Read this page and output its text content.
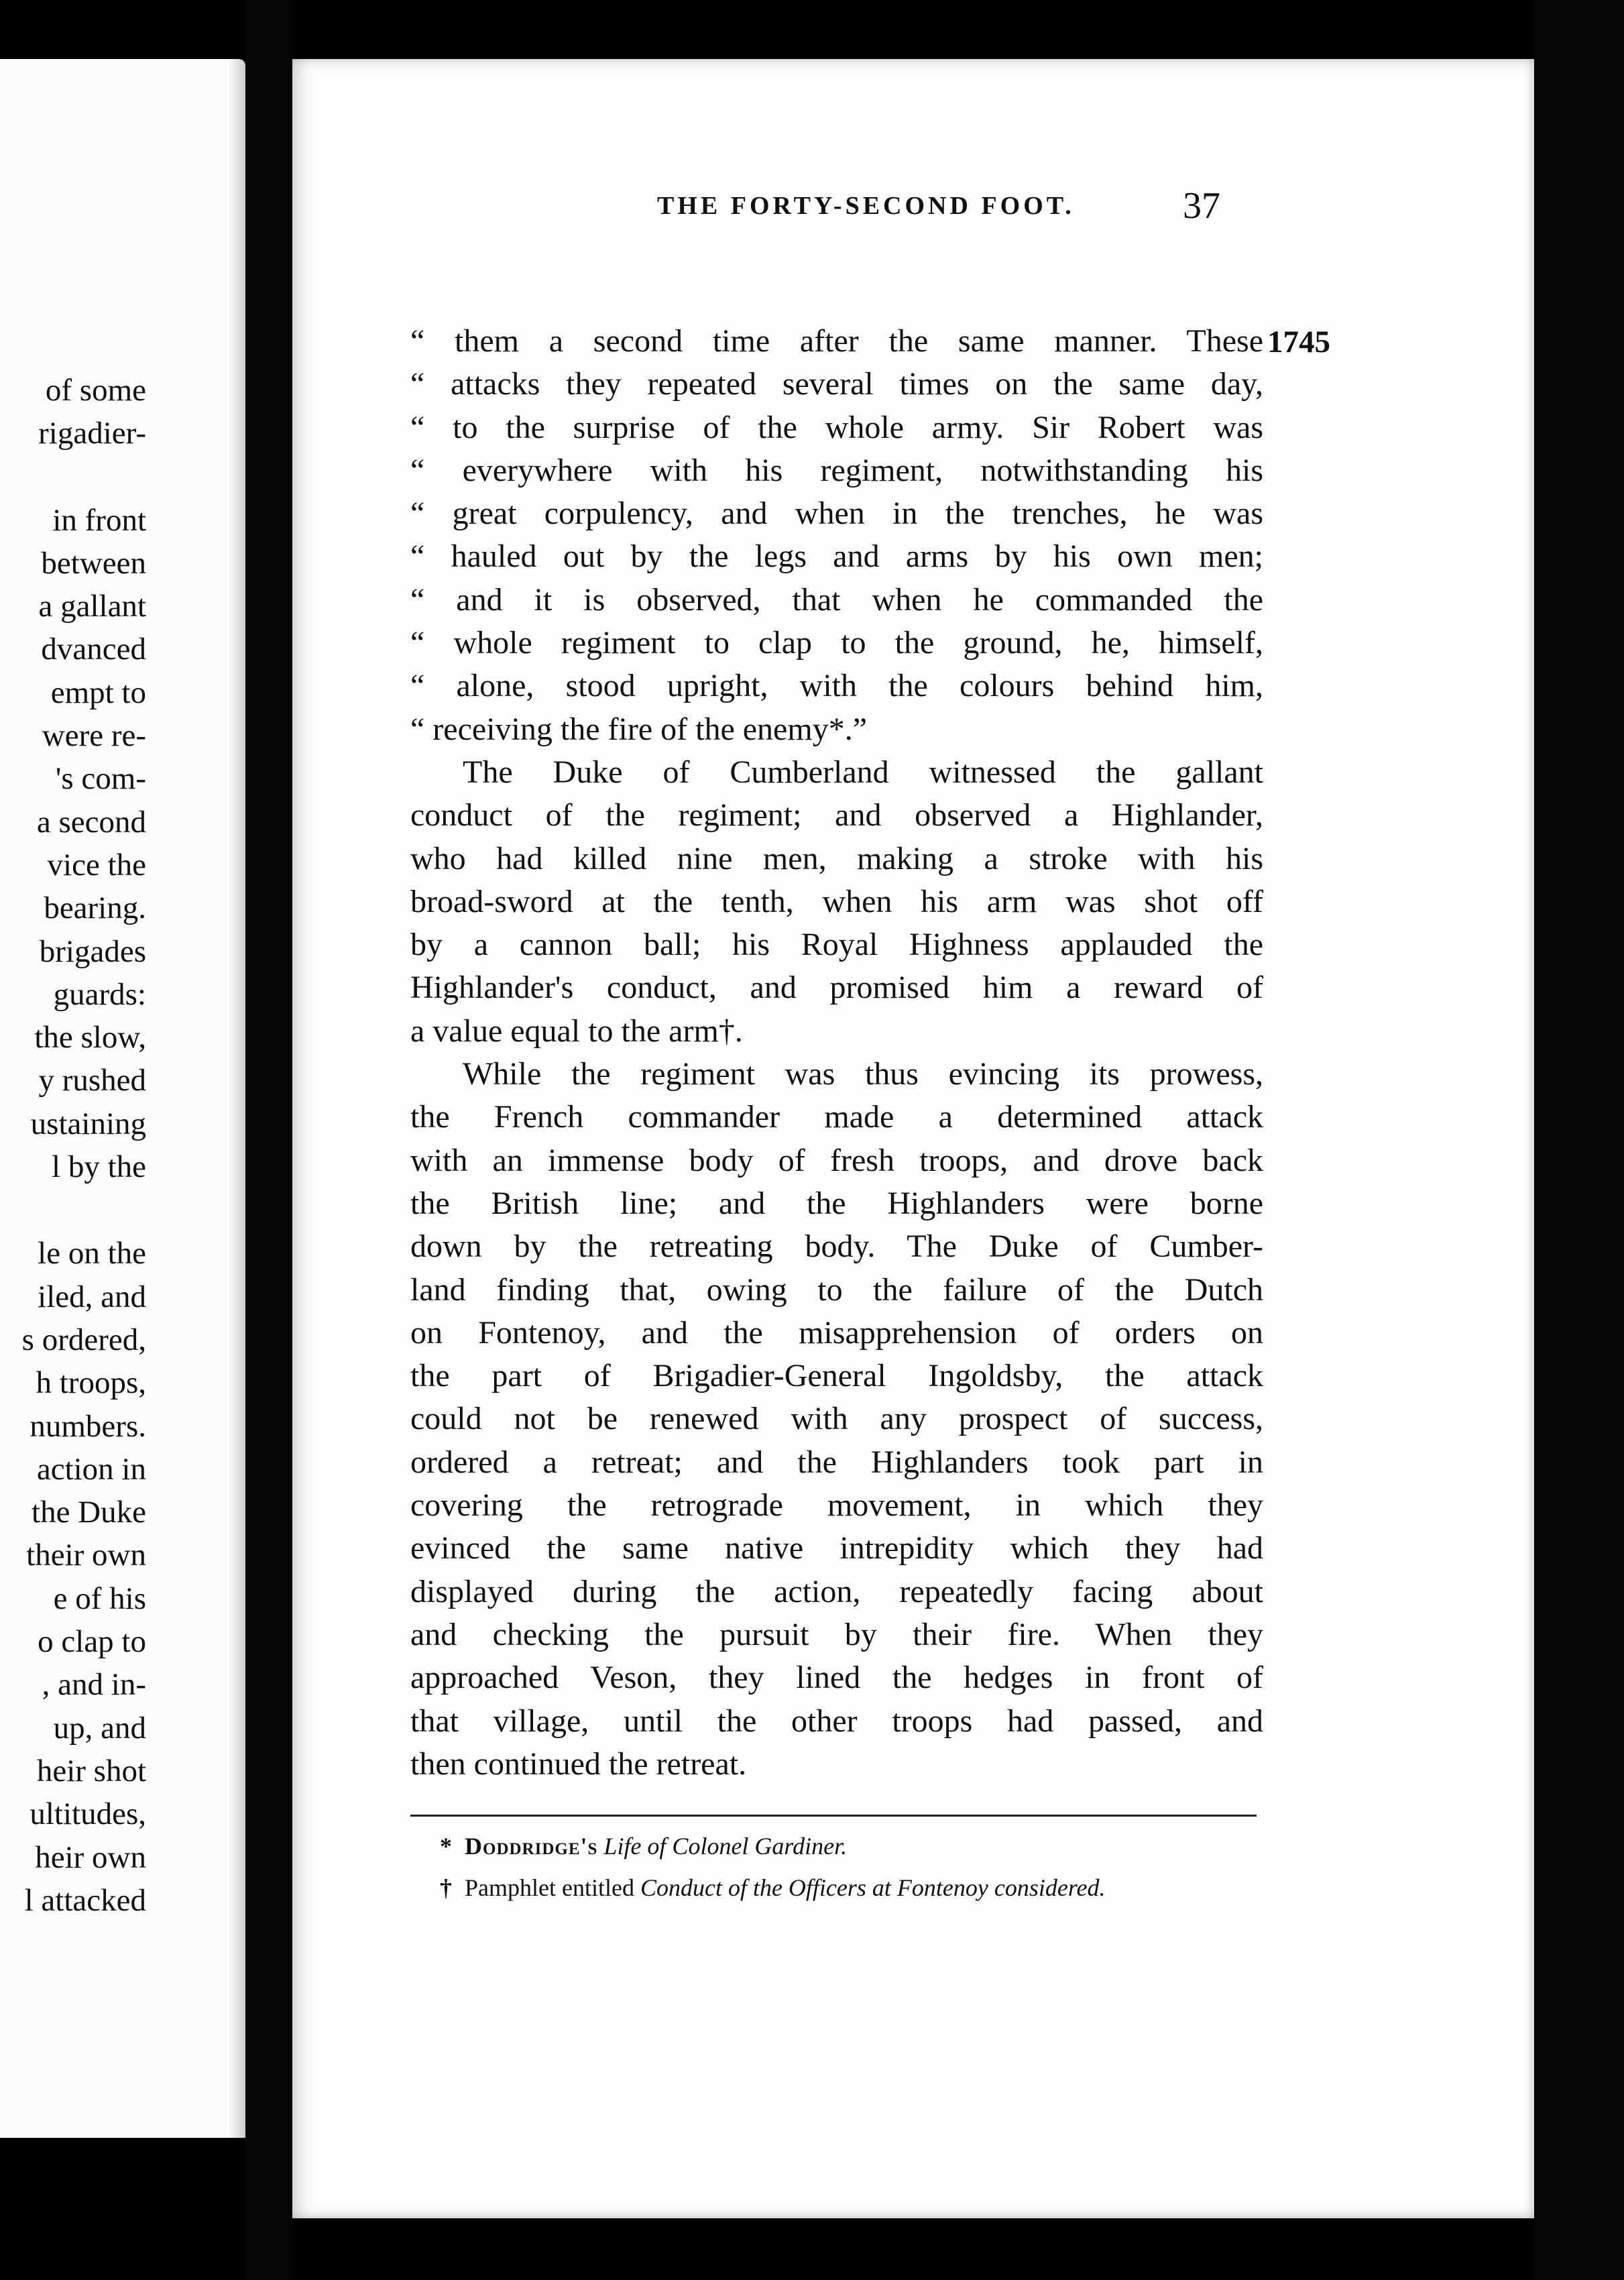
of some
rigadier-
in front
between
a gallant
dvanced
empt to
were re-
's com-
a second
vice the
bearing.
brigades
guards:
the slow,
y rushed
ustaining
l by the
le on the
iled, and
s ordered,
h troops,
numbers.
action in
the Duke
their own
e of his
o clap to
, and in-
up, and
heir shot
ultitudes,
heir own
l attacked
THE FORTY-SECOND FOOT.	37
1745
“ them a second time after the same manner. These
“ attacks they repeated several times on the same day,
“ to the surprise of the whole army. Sir Robert was
“ everywhere with his regiment, notwithstanding his
“ great corpulency, and when in the trenches, he was
“ hauled out by the legs and arms by his own men;
“ and it is observed, that when he commanded the
“ whole regiment to clap to the ground, he, himself,
“ alone, stood upright, with the colours behind him,
“ receiving the fire of the enemy*.”
The Duke of Cumberland witnessed the gallant
conduct of the regiment; and observed a Highlander,
who had killed nine men, making a stroke with his
broad-sword at the tenth, when his arm was shot off
by a cannon ball; his Royal Highness applauded the
Highlander's conduct, and promised him a reward of
a value equal to the arm†.
While the regiment was thus evincing its prowess,
the French commander made a determined attack
with an immense body of fresh troops, and drove back
the British line; and the Highlanders were borne
down by the retreating body. The Duke of Cumber-
land finding that, owing to the failure of the Dutch
on Fontenoy, and the misapprehension of orders on
the part of Brigadier-General Ingoldsby, the attack
could not be renewed with any prospect of success,
ordered a retreat; and the Highlanders took part in
covering the retrograde movement, in which they
evinced the same native intrepidity which they had
displayed during the action, repeatedly facing about
and checking the pursuit by their fire. When they
approached Veson, they lined the hedges in front of
that village, until the other troops had passed, and
then continued the retreat.
* Doddridge's Life of Colonel Gardiner.
† Pamphlet entitled Conduct of the Officers at Fontenoy considered.
